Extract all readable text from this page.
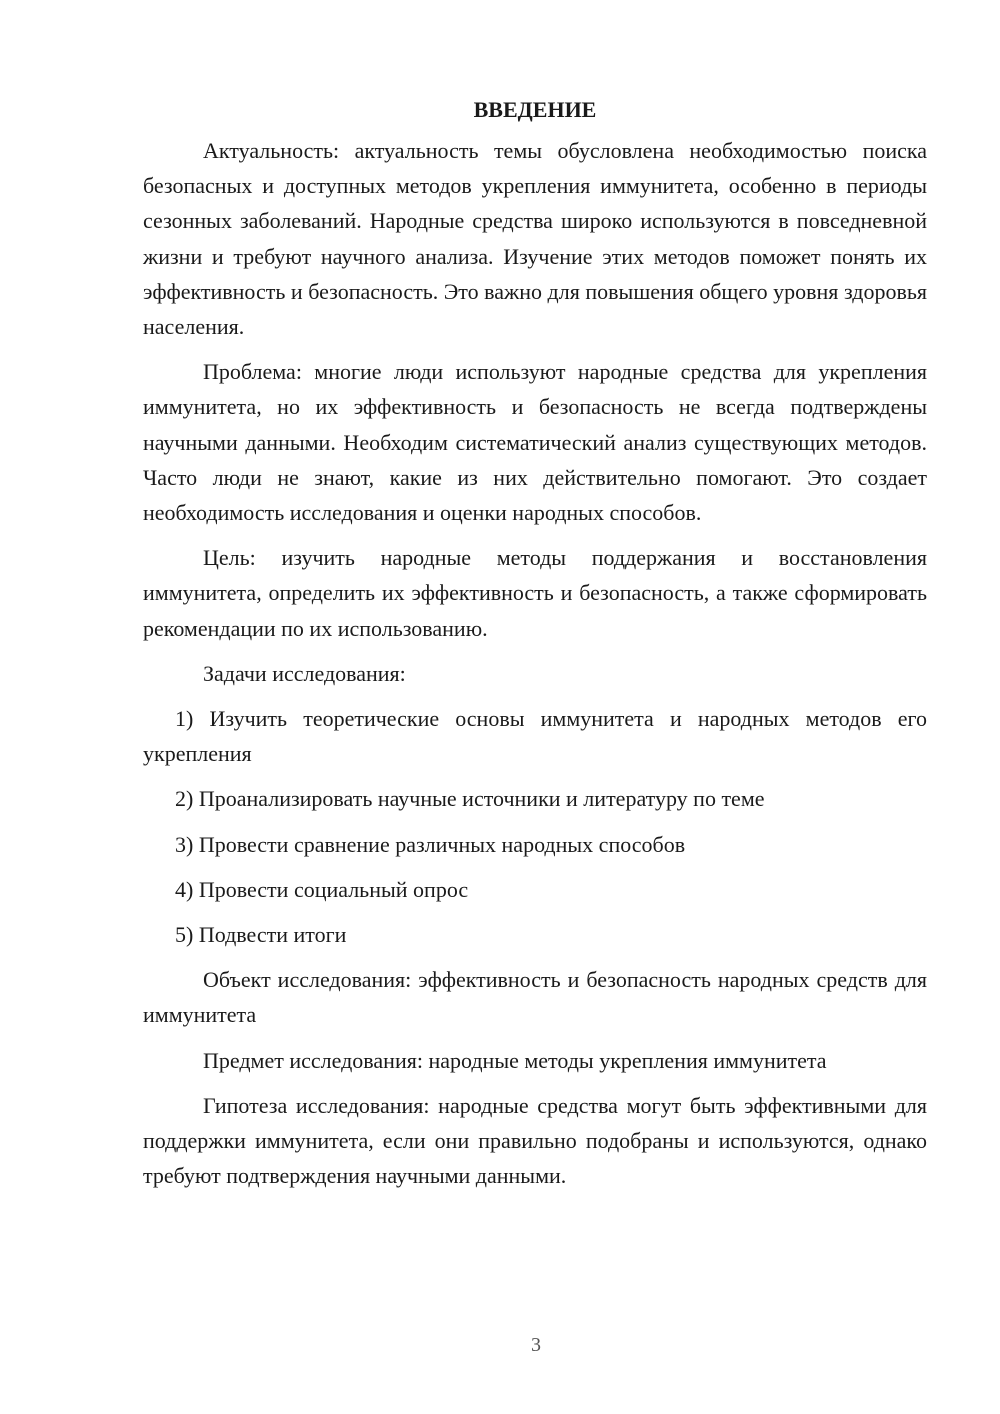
ВВЕДЕНИЕ

Актуальность: актуальность темы обусловлена необходимостью поиска безопасных и доступных методов укрепления иммунитета, особенно в периоды сезонных заболеваний. Народные средства широко используются в повседневной жизни и требуют научного анализа. Изучение этих методов поможет понять их эффективность и безопасность. Это важно для повышения общего уровня здоровья населения.

Проблема: многие люди используют народные средства для укрепления иммунитета, но их эффективность и безопасность не всегда подтверждены научными данными. Необходим систематический анализ существующих методов. Часто люди не знают, какие из них действительно помогают. Это создает необходимость исследования и оценки народных способов.

Цель: изучить народные методы поддержания и восстановления иммунитета, определить их эффективность и безопасность, а также сформировать рекомендации по их использованию.

Задачи исследования:

1) Изучить теоретические основы иммунитета и народных методов его укрепления

2) Проанализировать научные источники и литературу по теме

3) Провести сравнение различных народных способов

4) Провести социальный опрос

5) Подвести итоги

Объект исследования: эффективность и безопасность народных средств для иммунитета

Предмет исследования: народные методы укрепления иммунитета

Гипотеза исследования: народные средства могут быть эффективными для поддержки иммунитета, если они правильно подобраны и используются, однако требуют подтверждения научными данными.

3
